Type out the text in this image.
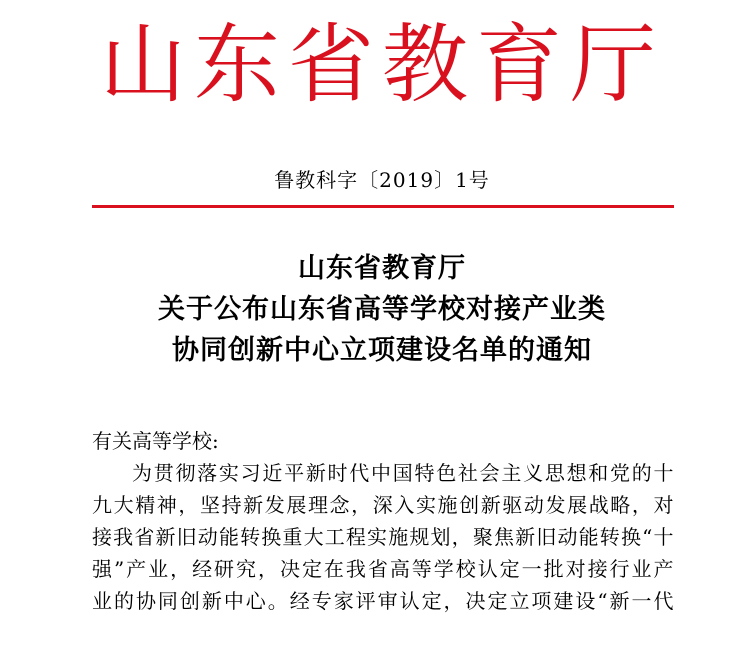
山东省教育厅
鲁教科字〔2019〕1号
山东省教育厅
关于公布山东省高等学校对接产业类
协同创新中心立项建设名单的通知

有关高等学校:

为贯彻落实习近平新时代中国特色社会主义思想和党的十

九大精神，坚持新发展理念，深入实施创新驱动发展战略，对

接我省新旧动能转换重大工程实施规划，聚焦新旧动能转换“十

强”产业，经研究，决定在我省高等学校认定一批对接行业产

业的协同创新中心。经专家评审认定，决定立项建设“新一代
